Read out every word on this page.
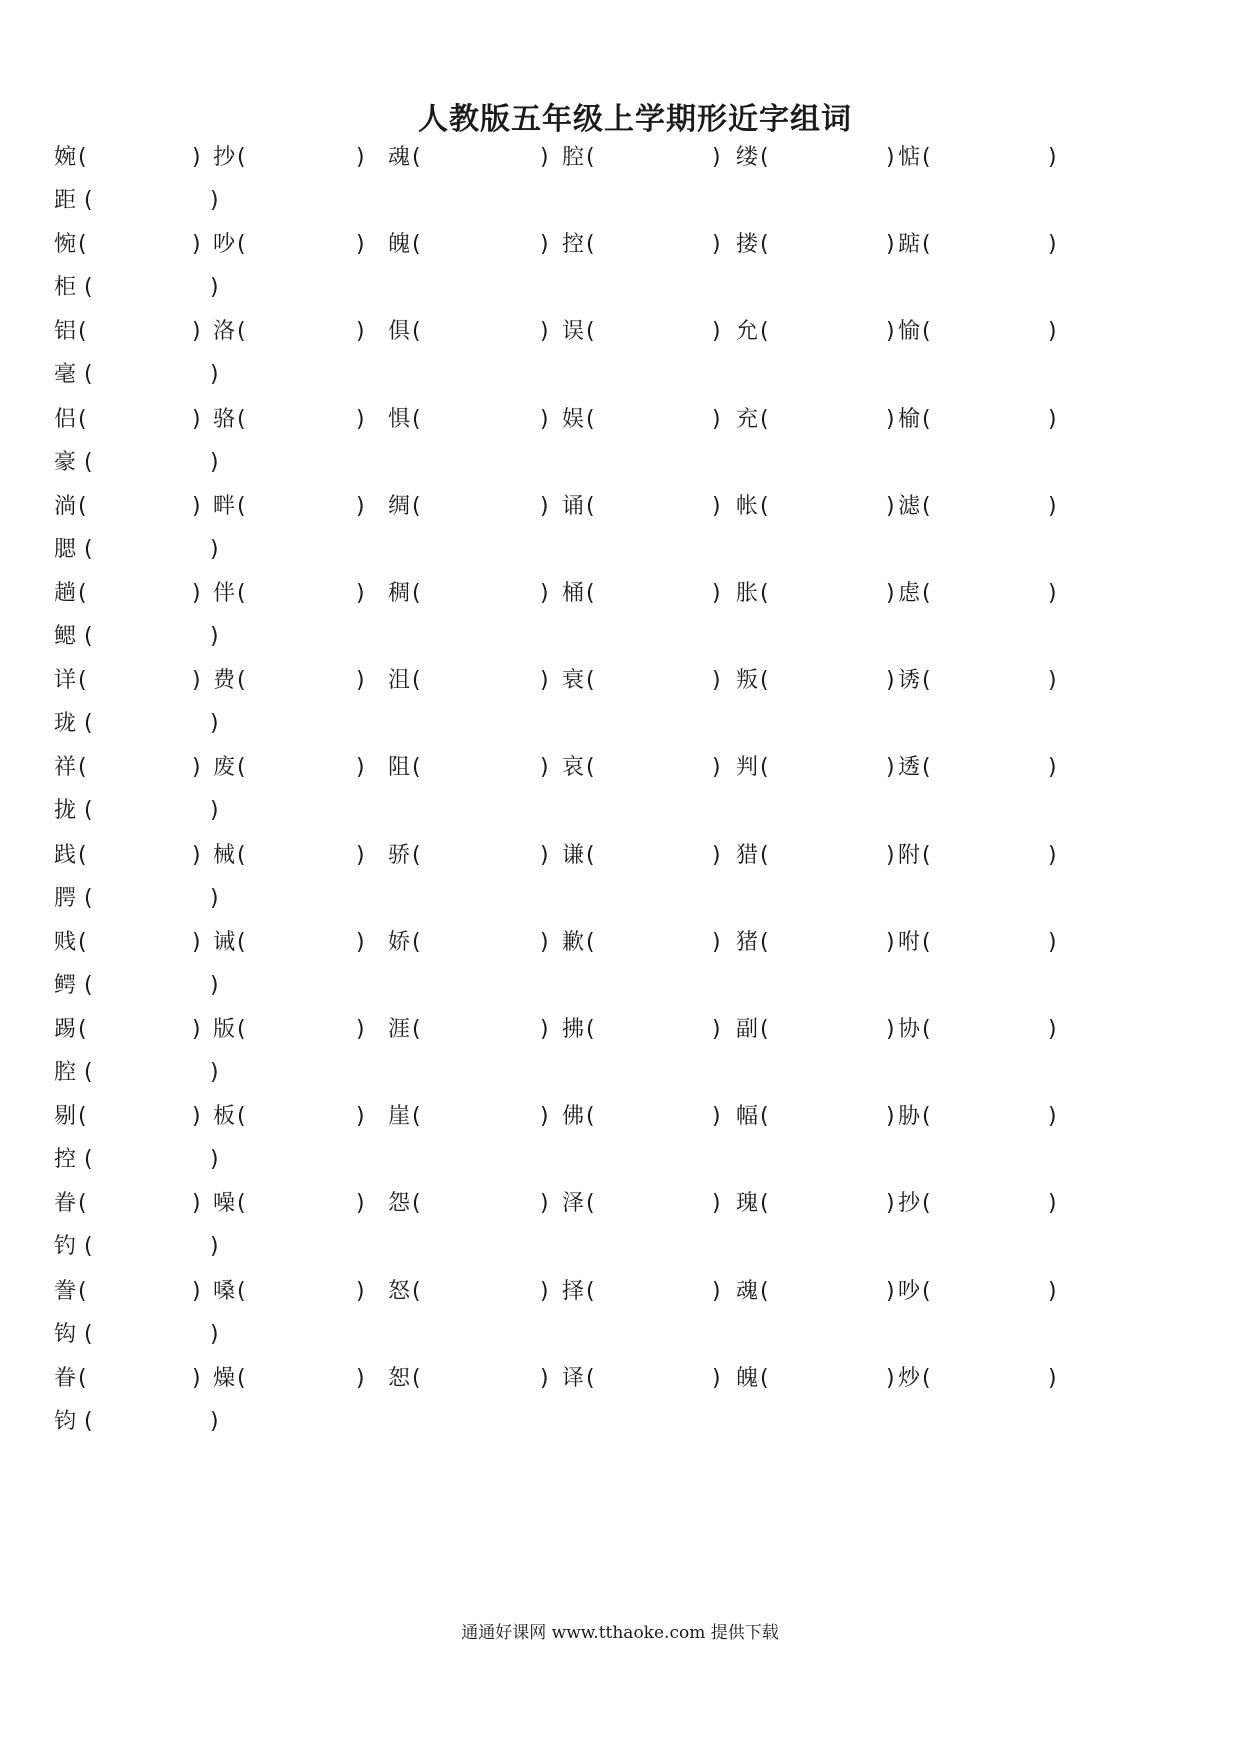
人教版五年级上学期形近字组词
婉 (	) 抄 (	) 魂 (	) 腔 (	) 缕 (	) 惦 (	)
距 (	)
惋 (	) 吵 (	) 魄 (	) 控 (	) 搂 (	) 踮 (	)
柜 (	)
铝 (	) 洛 (	) 俱 (	) 误 (	) 允 (	) 愉 (	)
毫 (	)
侣 (	) 骆 (	) 惧 (	) 娱 (	) 充 (	) 榆 (	)
豪 (	)
淌 (	) 畔 (	) 绸 (	) 诵 (	) 帐 (	) 滤 (	)
腮 (	)
趟 (	) 伴 (	) 稠 (	) 桶 (	) 胀 (	) 虑 (	)
鳃 (	)
详 (	) 费 (	) 沮 (	) 衰 (	) 叛 (	) 诱 (	)
珑 (	)
祥 (	) 废 (	) 阻 (	) 哀 (	) 判 (	) 透 (	)
拢 (	)
践 (	) 械 (	) 骄 (	) 谦 (	) 猎 (	) 附 (	)
腭 (	)
贱 (	) 诫 (	) 娇 (	) 歉 (	) 猪 (	) 咐 (	)
鳄 (	)
踢 (	) 版 (	) 涯 (	) 拂 (	) 副 (	) 协 (	)
腔 (	)
剔 (	) 板 (	) 崖 (	) 佛 (	) 幅 (	) 胁 (	)
控 (	)
眷 (	) 噪 (	) 怨 (	) 泽 (	) 瑰 (	) 抄 (	)
钓 (	)
誊 (	) 嗓 (	) 怒 (	) 择 (	) 魂 (	) 吵 (	)
钩 (	)
眷 (	) 燥 (	) 恕 (	) 译 (	) 魄 (	) 炒 (	)
钧 (	)
通通好课网 www.tthaoke.com 提供下载
